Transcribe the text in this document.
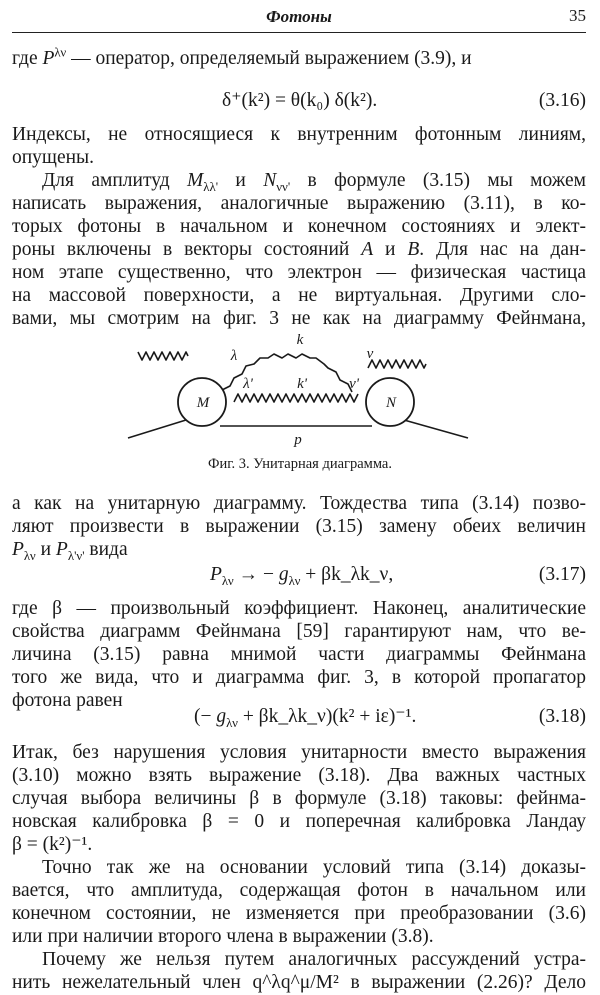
Фотоны	35
где $P^{\lambda\nu}$ — оператор, определяемый выражением (3.9), и
δ⁺(k²) = θ(k₀) δ(k²).	(3.16)
Индексы, не относящиеся к внутренним фотонным линиям,
опущены.
Для амплитуд $M_{\lambda\lambda'}$ и $N_{\nu\nu'}$ в формуле (3.15) мы можем
написать выражения, аналогичные выражению (3.11), в ко-
торых фотоны в начальном и конечном состояниях и элект-
роны включены в векторы состояний A и B. Для нас на дан-
ном этапе существенно, что электрон — физическая частица
на массовой поверхности, а не виртуальная. Другими сло-
вами, мы смотрим на фиг. 3 не как на диаграмму Фейнмана,
M	N
λ
k
ν
λ'	k'	ν'
p
Фиг. 3. Унитарная диаграмма.
а как на унитарную диаграмму. Тождества типа (3.14) позво-
ляют произвести в выражении (3.15) замену обеих величин
$P_{\lambda\nu}$ и $P_{\lambda'\nu'}$ вида
$P_{\lambda\nu}$ → − $g_{\lambda\nu}$ + βk_λk_ν,	(3.17)
где β — произвольный коэффициент. Наконец, аналитические
свойства диаграмм Фейнмана [59] гарантируют нам, что ве-
личина (3.15) равна мнимой части диаграммы Фейнмана
того же вида, что и диаграмма фиг. 3, в которой пропагатор
фотона равен
(− $g_{\lambda\nu}$ + βk_λk_ν)(k² + iε)⁻¹.	(3.18)
Итак, без нарушения условия унитарности вместо выражения
(3.10) можно взять выражение (3.18). Два важных частных
случая выбора величины β в формуле (3.18) таковы: фейнма-
новская калибровка β = 0 и поперечная калибровка Ландау
β = (k²)⁻¹.
Точно так же на основании условий типа (3.14) доказы-
вается, что амплитуда, содержащая фотон в начальном или
конечном состоянии, не изменяется при преобразовании (3.6)
или при наличии второго члена в выражении (3.8).
Почему же нельзя путем аналогичных рассуждений устра-
нить нежелательный член q^λq^μ/M² в выражении (2.26)? Дело
